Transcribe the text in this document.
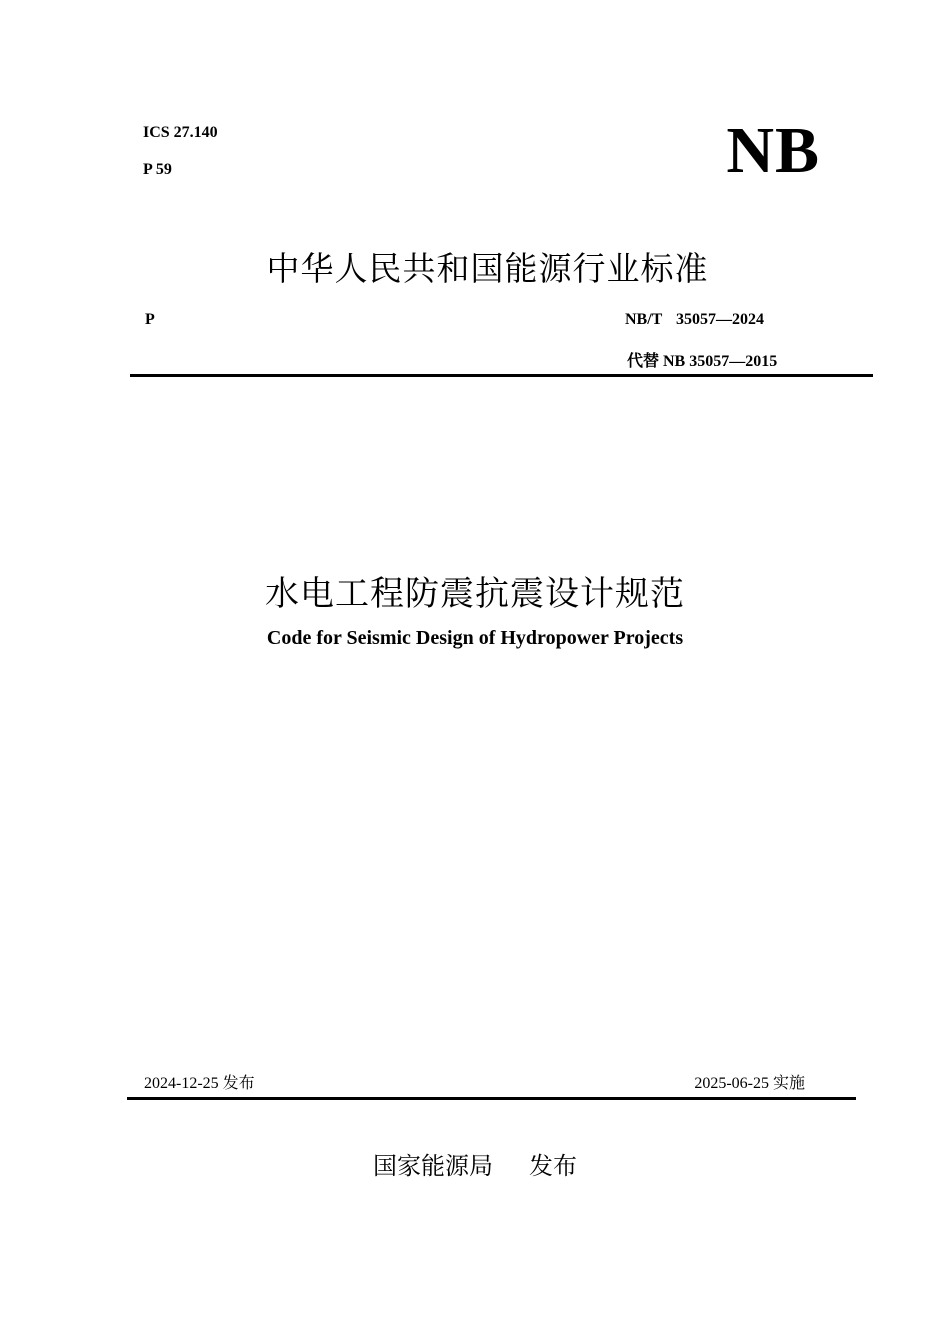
ICS 27.140
P 59	NB
中华人民共和国能源行业标准
P	NB/T 35057—2024
代替 NB 35057—2015
水电工程防震抗震设计规范
Code for Seismic Design of Hydropower Projects
2024-12-25 发布	2025-06-25 实施
国家能源局 发布
